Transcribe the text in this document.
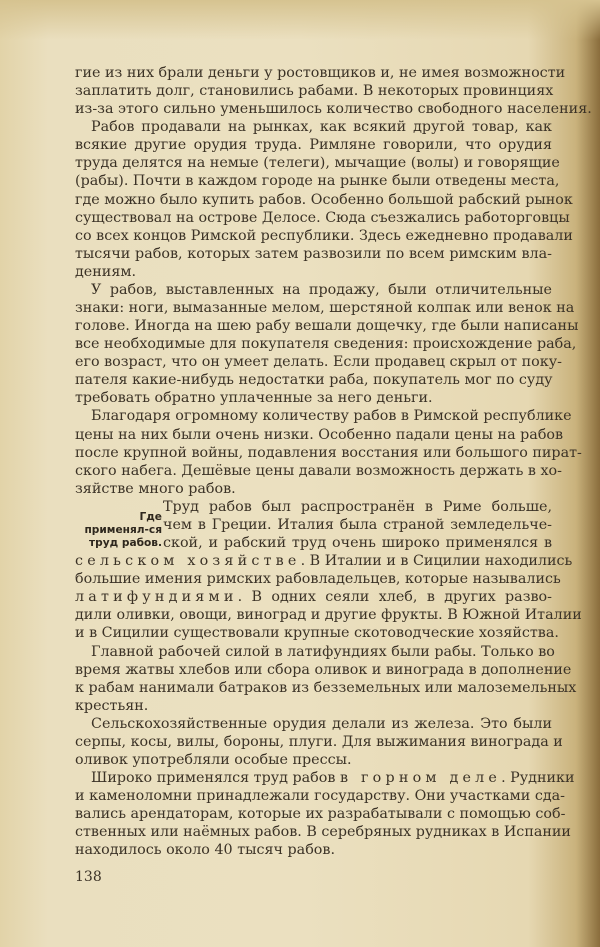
гие из них брали деньги у ростовщиков и, не имея возможности
заплатить долг, становились рабами. В некоторых провинциях
из-за этого сильно уменьшилось количество свободного населения.
Рабов продавали на рынках, как всякий другой товар, как
всякие другие орудия труда. Римляне говорили, что орудия
труда делятся на немые (телеги), мычащие (волы) и говорящие
(рабы). Почти в каждом городе на рынке были отведены места,
где можно было купить рабов. Особенно большой рабский рынок
существовал на острове Делосе. Сюда съезжались работорговцы
со всех концов Римской республики. Здесь ежедневно продавали
тысячи рабов, которых затем развозили по всем римским вла-
дениям.
У рабов, выставленных на продажу, были отличительные
знаки: ноги, вымазанные мелом, шерстяной колпак или венок на
голове. Иногда на шею рабу вешали дощечку, где были написаны
все необходимые для покупателя сведения: происхождение раба,
его возраст, что он умеет делать. Если продавец скрыл от поку-
пателя какие-нибудь недостатки раба, покупатель мог по суду
требовать обратно уплаченные за него деньги.
Благодаря огромному количеству рабов в Римской республике
цены на них были очень низки. Особенно падали цены на рабов
после крупной войны, подавления восстания или большого пират-
ского набега. Дешёвые цены давали возможность держать в хо-
зяйстве много рабов.
Труд рабов был распространён в Риме больше,
чем в Греции. Италия была страной земледельче-
ской, и рабский труд очень широко применялся в
сельском хозяйстве. В Италии и в Сицилии находились
большие имения римских рабовладельцев, которые назывались
латифундиями. В одних сеяли хлеб, в других разво-
дили оливки, овощи, виноград и другие фрукты. В Южной Италии
и в Сицилии существовали крупные скотоводческие хозяйства.
Главной рабочей силой в латифундиях были рабы. Только во
время жатвы хлебов или сбора оливок и винограда в дополнение
к рабам нанимали батраков из безземельных или малоземельных
крестьян.
Сельскохозяйственные орудия делали из железа. Это были
серпы, косы, вилы, бороны, плуги. Для выжимания винограда и
оливок употребляли особые прессы.
Широко применялся труд рабов в горном деле. Рудники
и каменоломни принадлежали государству. Они участками сда-
вались арендаторам, которые их разрабатывали с помощью соб-
ственных или наёмных рабов. В серебряных рудниках в Испании
находилось около 40 тысяч рабов.
Где применял-ся труд рабов.
138
